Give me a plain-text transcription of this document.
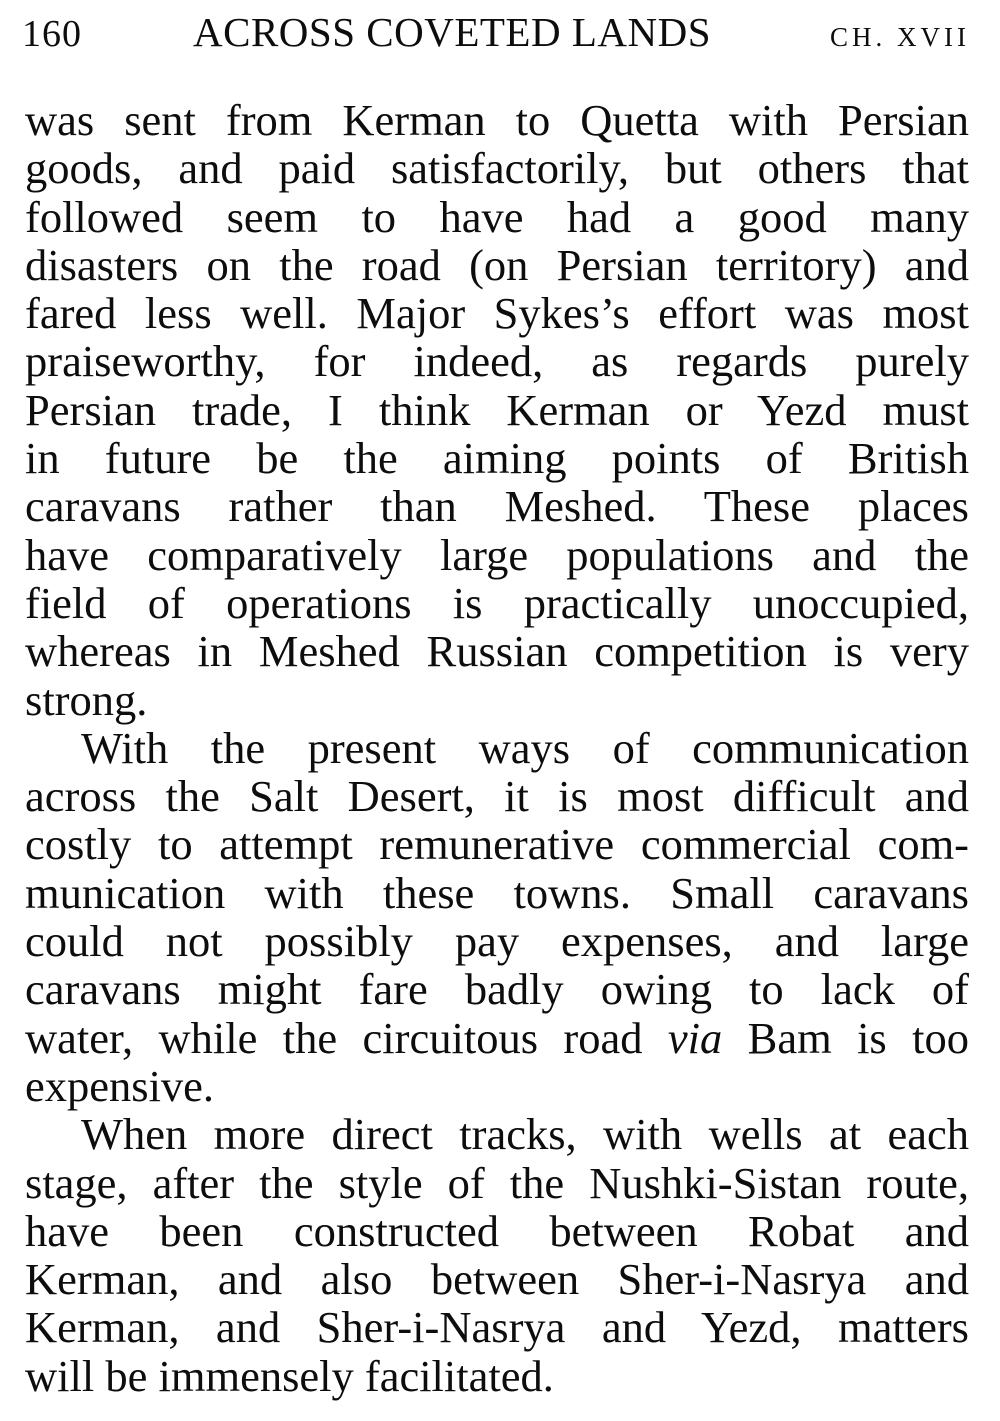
160	ACROSS COVETED LANDS	CH. XVII
was sent from Kerman to Quetta with Persian
goods, and paid satisfactorily, but others that
followed seem to have had a good many
disasters on the road (on Persian territory) and
fared less well. Major Sykes’s effort was most
praiseworthy, for indeed, as regards purely
Persian trade, I think Kerman or Yezd must
in future be the aiming points of British
caravans rather than Meshed. These places
have comparatively large populations and the
field of operations is practically unoccupied,
whereas in Meshed Russian competition is very
strong.
With the present ways of communication
across the Salt Desert, it is most difficult and
costly to attempt remunerative commercial com-
munication with these towns. Small caravans
could not possibly pay expenses, and large
caravans might fare badly owing to lack of
water, while the circuitous road via Bam is too
expensive.
When more direct tracks, with wells at each
stage, after the style of the Nushki-Sistan route,
have been constructed between Robat and
Kerman, and also between Sher-i-Nasrya and
Kerman, and Sher-i-Nasrya and Yezd, matters
will be immensely facilitated.
